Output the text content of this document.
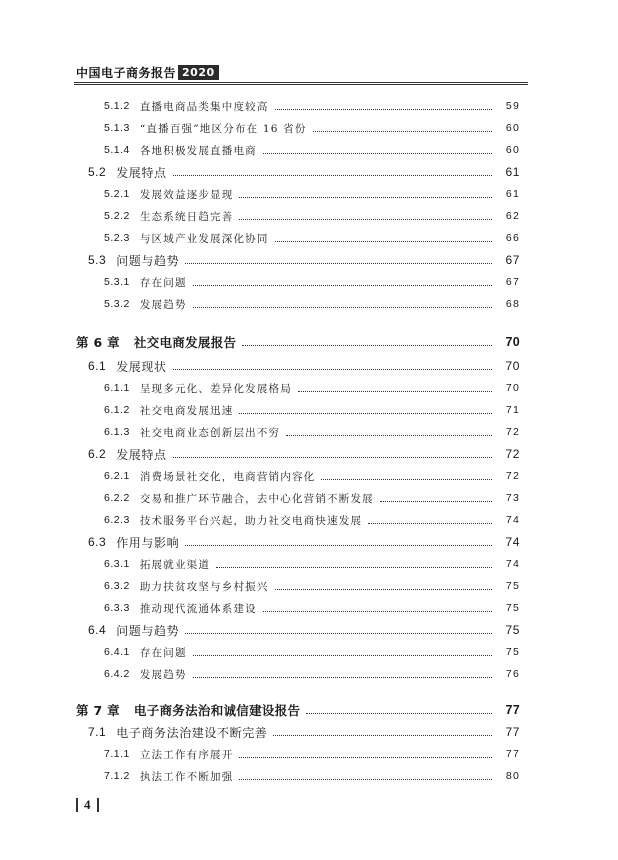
中国电子商务报告 2020
5.1.2 直播电商品类集中度较高	59
5.1.3 “直播百强”地区分布在 16 省份	60
5.1.4 各地积极发展直播电商	60
5.2 发展特点	61
5.2.1 发展效益逐步显现	61
5.2.2 生态系统日趋完善	62
5.2.3 与区域产业发展深化协同	66
5.3 问题与趋势	67
5.3.1 存在问题	67
5.3.2 发展趋势	68
第 6 章 社交电商发展报告	70
6.1 发展现状	70
6.1.1 呈现多元化、差异化发展格局	70
6.1.2 社交电商发展迅速	71
6.1.3 社交电商业态创新层出不穷	72
6.2 发展特点	72
6.2.1 消费场景社交化，电商营销内容化	72
6.2.2 交易和推广环节融合，去中心化营销不断发展	73
6.2.3 技术服务平台兴起，助力社交电商快速发展	74
6.3 作用与影响	74
6.3.1 拓展就业渠道	74
6.3.2 助力扶贫攻坚与乡村振兴	75
6.3.3 推动现代流通体系建设	75
6.4 问题与趋势	75
6.4.1 存在问题	75
6.4.2 发展趋势	76
第 7 章 电子商务法治和诚信建设报告	77
7.1 电子商务法治建设不断完善	77
7.1.1 立法工作有序展开	77
7.1.2 执法工作不断加强	80
4
